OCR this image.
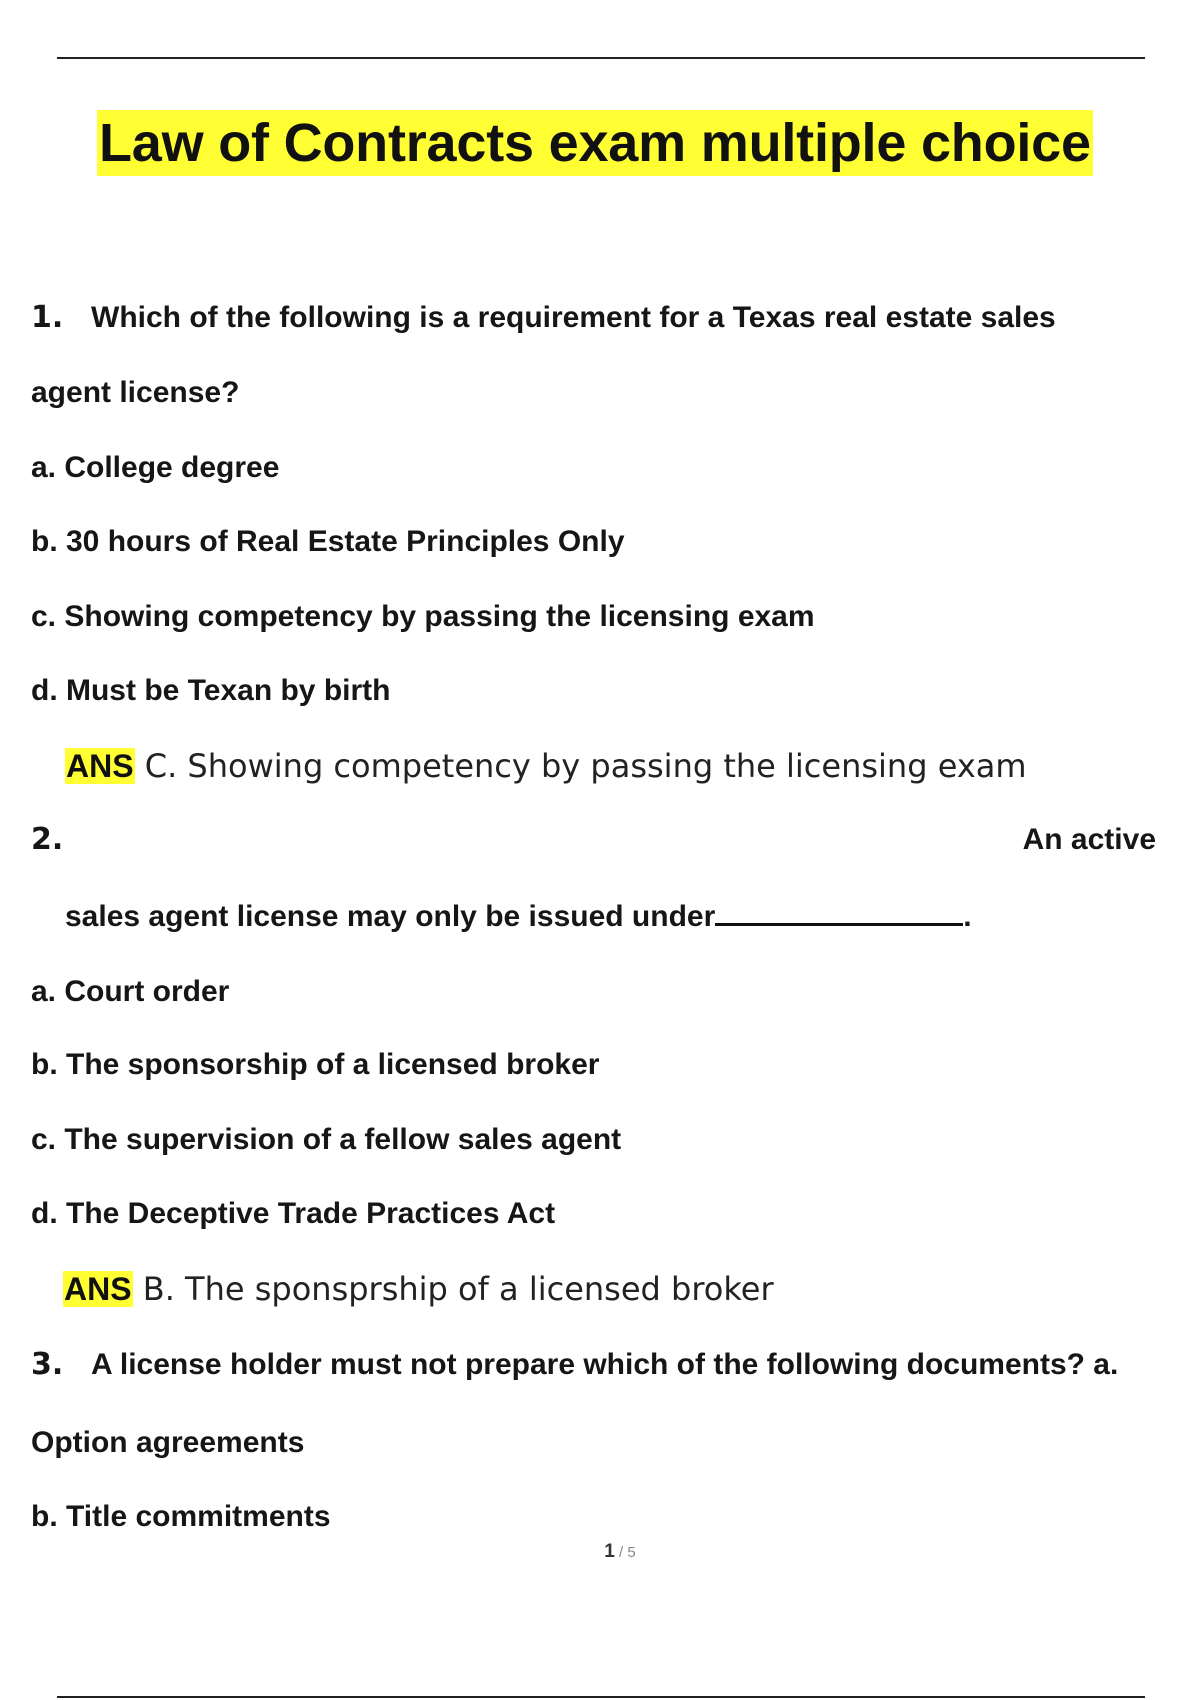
Law of Contracts exam multiple choice
1. Which of the following is a requirement for a Texas real estate sales
agent license?
a. College degree
b. 30 hours of Real Estate Principles Only
c. Showing competency by passing the licensing exam
d. Must be Texan by birth
ANS C. Showing competency by passing the licensing exam
2.	An active
sales agent license may only be issued under	.
a. Court order
b. The sponsorship of a licensed broker
c. The supervision of a fellow sales agent
d. The Deceptive Trade Practices Act
ANS B. The sponsprship of a licensed broker
3. A license holder must not prepare which of the following documents? a.
Option agreements
b. Title commitments
1 / 5
